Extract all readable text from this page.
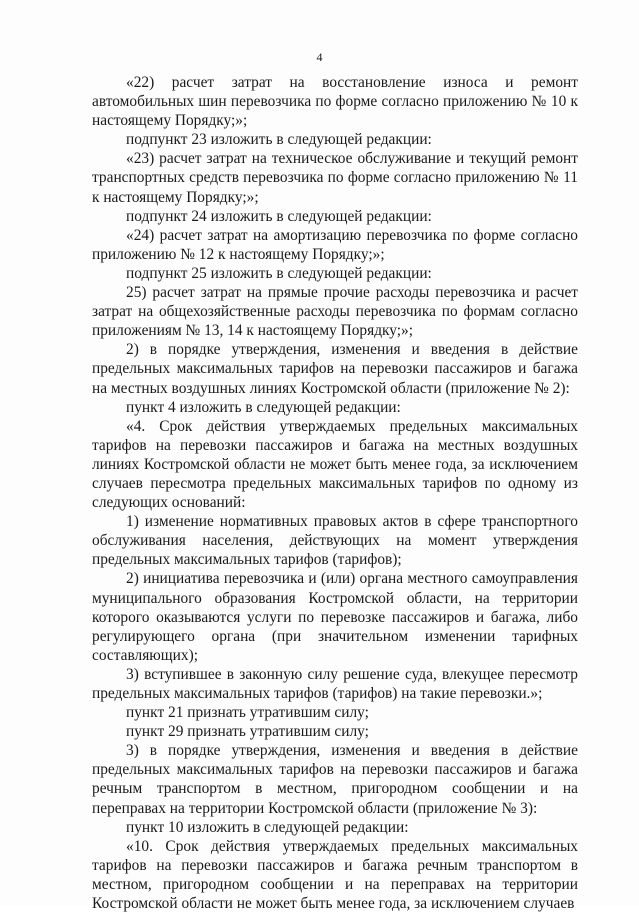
4

«22) расчет затрат на восстановление износа и ремонт автомобильных шин перевозчика по форме согласно приложению № 10 к настоящему Порядку;»;

подпункт 23 изложить в следующей редакции:

«23) расчет затрат на техническое обслуживание и текущий ремонт транспортных средств перевозчика по форме согласно приложению № 11 к настоящему Порядку;»;

подпункт 24 изложить в следующей редакции:

«24) расчет затрат на амортизацию перевозчика по форме согласно приложению № 12 к настоящему Порядку;»;

подпункт 25 изложить в следующей редакции:

25) расчет затрат на прямые прочие расходы перевозчика и расчет затрат на общехозяйственные расходы перевозчика по формам согласно приложениям № 13, 14 к настоящему Порядку;»;

2) в порядке утверждения, изменения и введения в действие предельных максимальных тарифов на перевозки пассажиров и багажа на местных воздушных линиях Костромской области (приложение № 2):

пункт 4 изложить в следующей редакции:

«4. Срок действия утверждаемых предельных максимальных тарифов на перевозки пассажиров и багажа на местных воздушных линиях Костромской области не может быть менее года, за исключением случаев пересмотра предельных максимальных тарифов по одному из следующих оснований:

1) изменение нормативных правовых актов в сфере транспортного обслуживания населения, действующих на момент утверждения предельных максимальных тарифов (тарифов);

2) инициатива перевозчика и (или) органа местного самоуправления муниципального образования Костромской области, на территории которого оказываются услуги по перевозке пассажиров и багажа, либо регулирующего органа (при значительном изменении тарифных составляющих);

3) вступившее в законную силу решение суда, влекущее пересмотр предельных максимальных тарифов (тарифов) на такие перевозки.»;

пункт 21 признать утратившим силу;

пункт 29 признать утратившим силу;

3) в порядке утверждения, изменения и введения в действие предельных максимальных тарифов на перевозки пассажиров и багажа речным транспортом в местном, пригородном сообщении и на переправах на территории Костромской области (приложение № 3):

пункт 10 изложить в следующей редакции:

«10. Срок действия утверждаемых предельных максимальных тарифов на перевозки пассажиров и багажа речным транспортом в местном, пригородном сообщении и на переправах на территории Костромской области не может быть менее года, за исключением случаев
